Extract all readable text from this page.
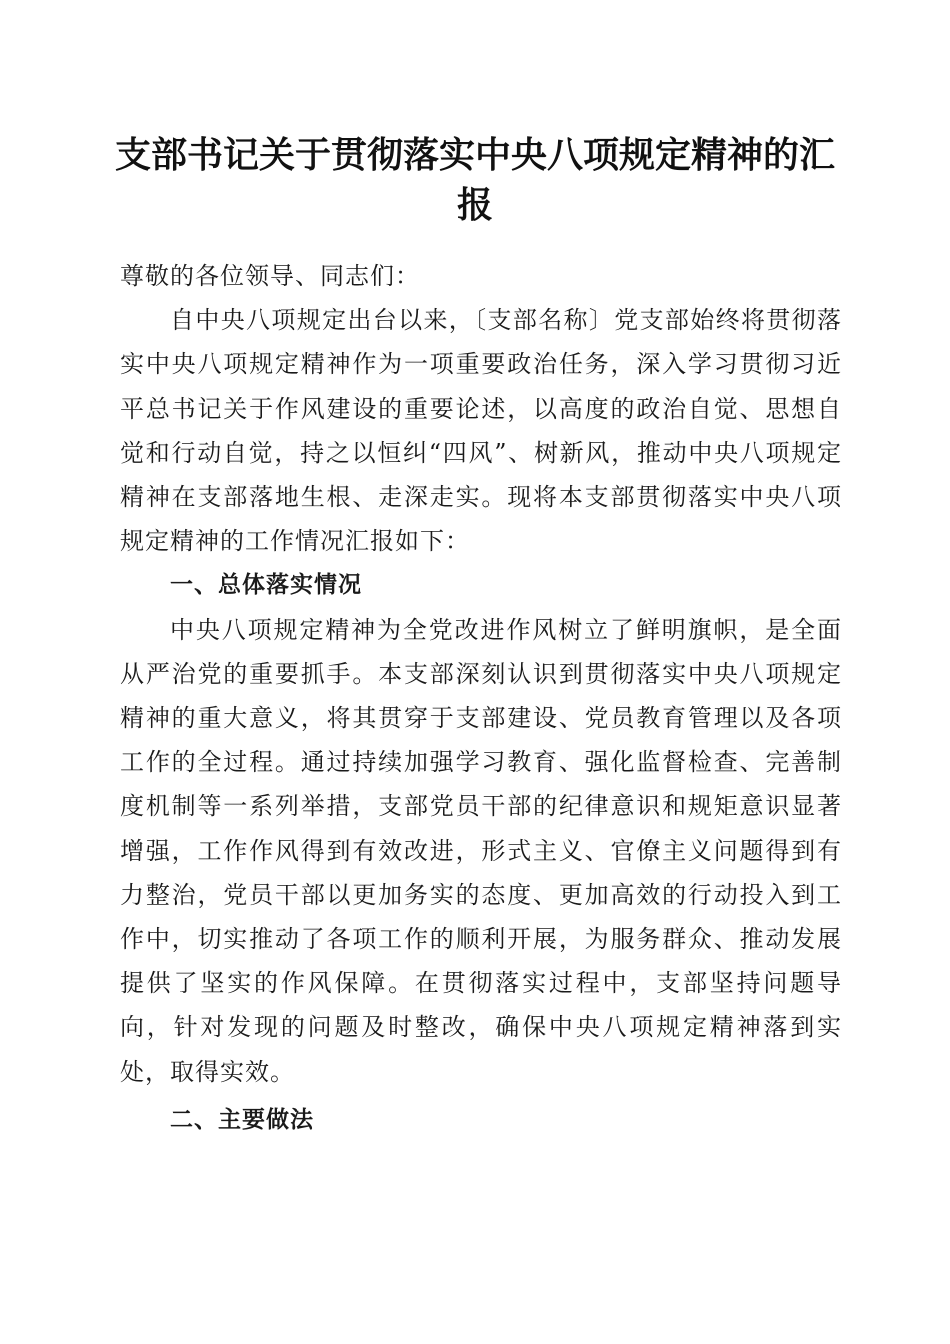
支部书记关于贯彻落实中央八项规定精神的汇报

尊敬的各位领导、同志们：

自中央八项规定出台以来，〔支部名称〕党支部始终将贯彻落实中央八项规定精神作为一项重要政治任务，深入学习贯彻习近平总书记关于作风建设的重要论述，以高度的政治自觉、思想自觉和行动自觉，持之以恒纠“四风”、树新风，推动中央八项规定精神在支部落地生根、走深走实。现将本支部贯彻落实中央八项规定精神的工作情况汇报如下：

一、总体落实情况

中央八项规定精神为全党改进作风树立了鲜明旗帜，是全面从严治党的重要抓手。本支部深刻认识到贯彻落实中央八项规定精神的重大意义，将其贯穿于支部建设、党员教育管理以及各项工作的全过程。通过持续加强学习教育、强化监督检查、完善制度机制等一系列举措，支部党员干部的纪律意识和规矩意识显著增强，工作作风得到有效改进，形式主义、官僚主义问题得到有力整治，党员干部以更加务实的态度、更加高效的行动投入到工作中，切实推动了各项工作的顺利开展，为服务群众、推动发展提供了坚实的作风保障。在贯彻落实过程中，支部坚持问题导向，针对发现的问题及时整改，确保中央八项规定精神落到实处，取得实效。

二、主要做法
